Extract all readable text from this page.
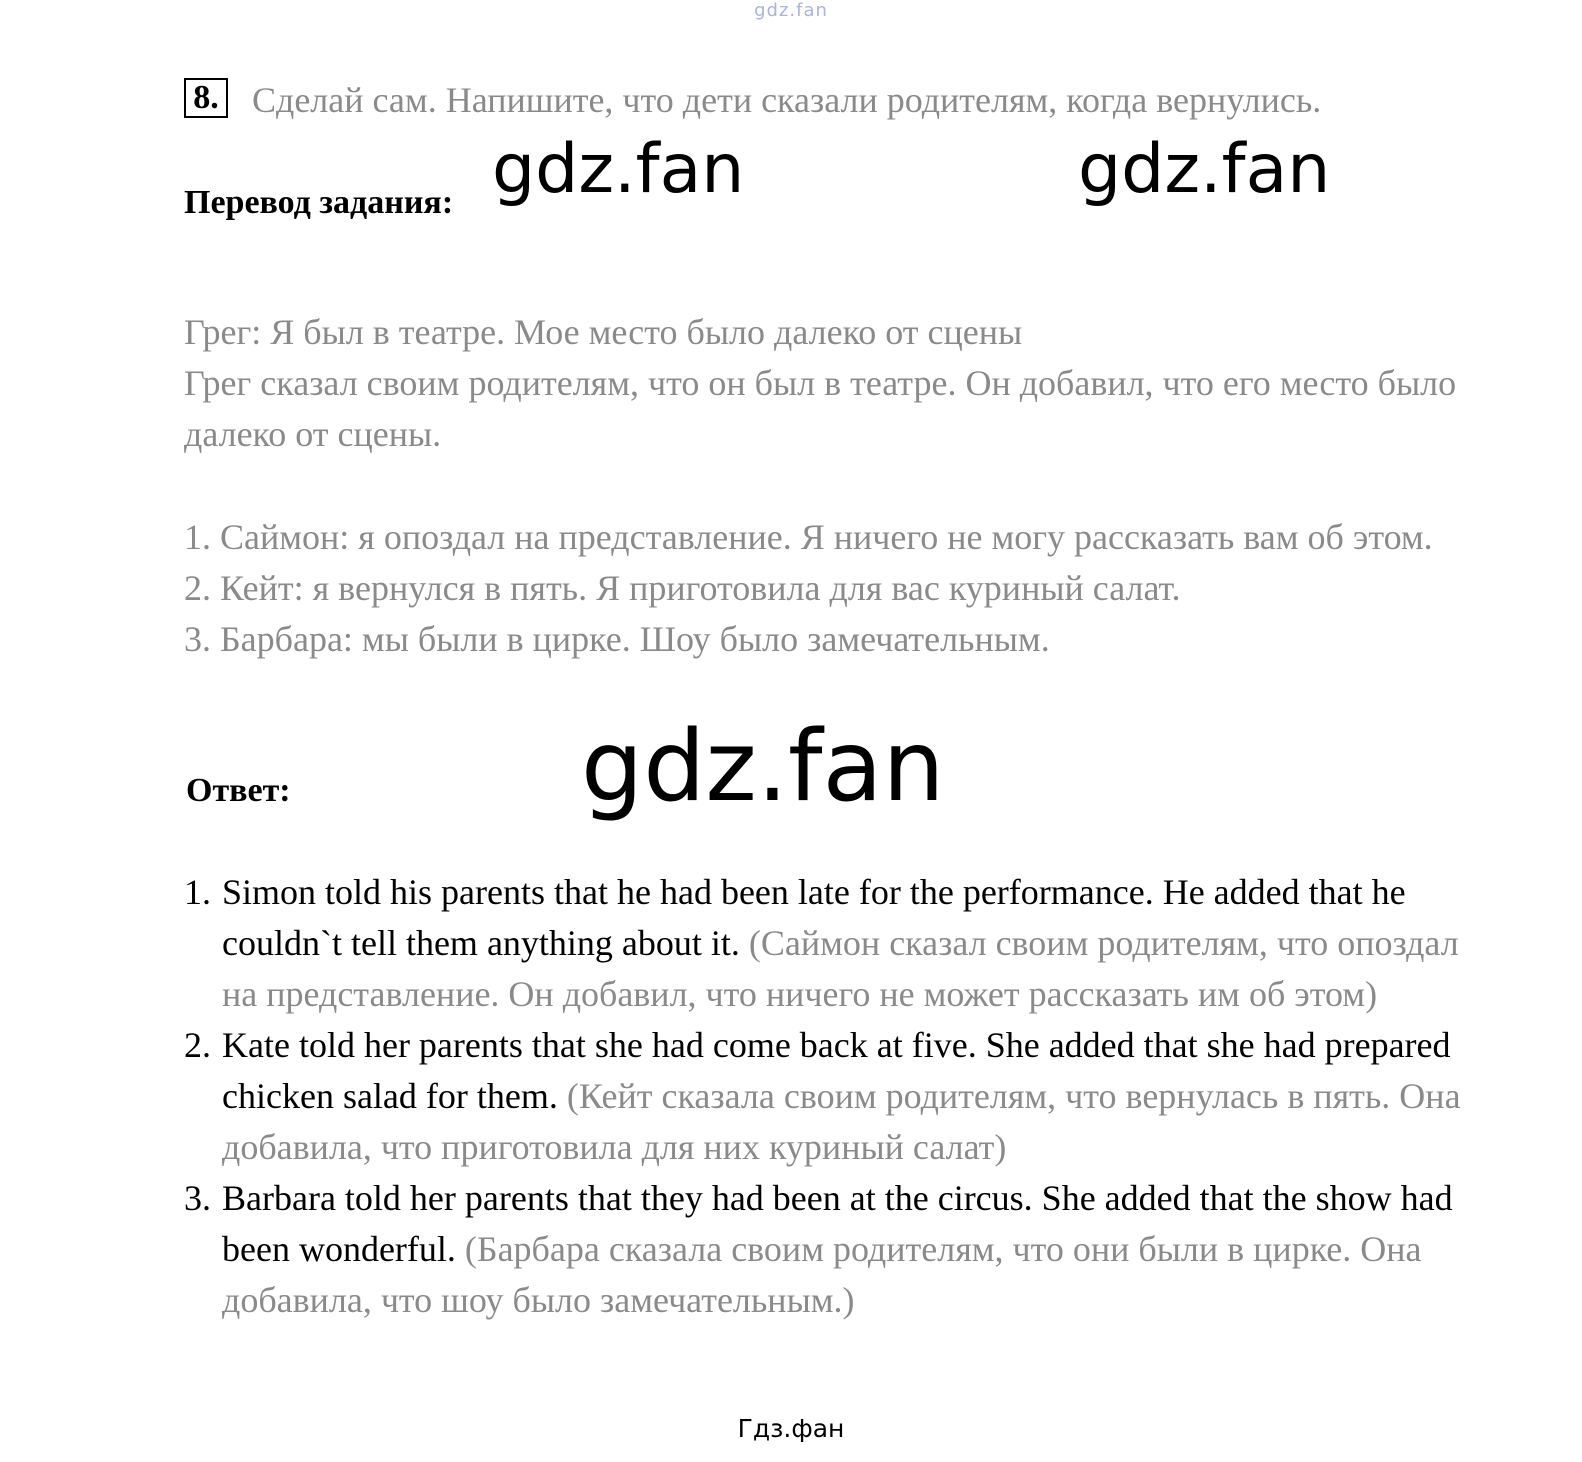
gdz.fan
8. Сделай сам. Напишите, что дети сказали родителям, когда вернулись.
Перевод задания:

Грег: Я был в театре. Мое место было далеко от сцены

Грег сказал своим родителям, что он был в театре. Он добавил, что его место было далеко от сцены.

1. Саймон: я опоздал на представление. Я ничего не могу рассказать вам об этом.

2. Кейт: я вернулся в пять. Я приготовила для вас куриный салат.

3. Барбара: мы были в цирке. Шоу было замечательным.

Ответ:
1. Simon told his parents that he had been late for the performance. He added that he couldn`t tell them anything about it. (Саймон сказал своим родителям, что опоздал на представление. Он добавил, что ничего не может рассказать им об этом)
2. Kate told her parents that she had come back at five. She added that she had prepared chicken salad for them. (Кейт сказала своим родителям, что вернулась в пять. Она добавила, что приготовила для них куриный салат)
3. Barbara told her parents that they had been at the circus. She added that the show had been wonderful. (Барбара сказала своим родителям, что они были в цирке. Она добавила, что шоу было замечательным.)
gdz.fan	gdz.fan
gdz.fan
Гдз.фан
